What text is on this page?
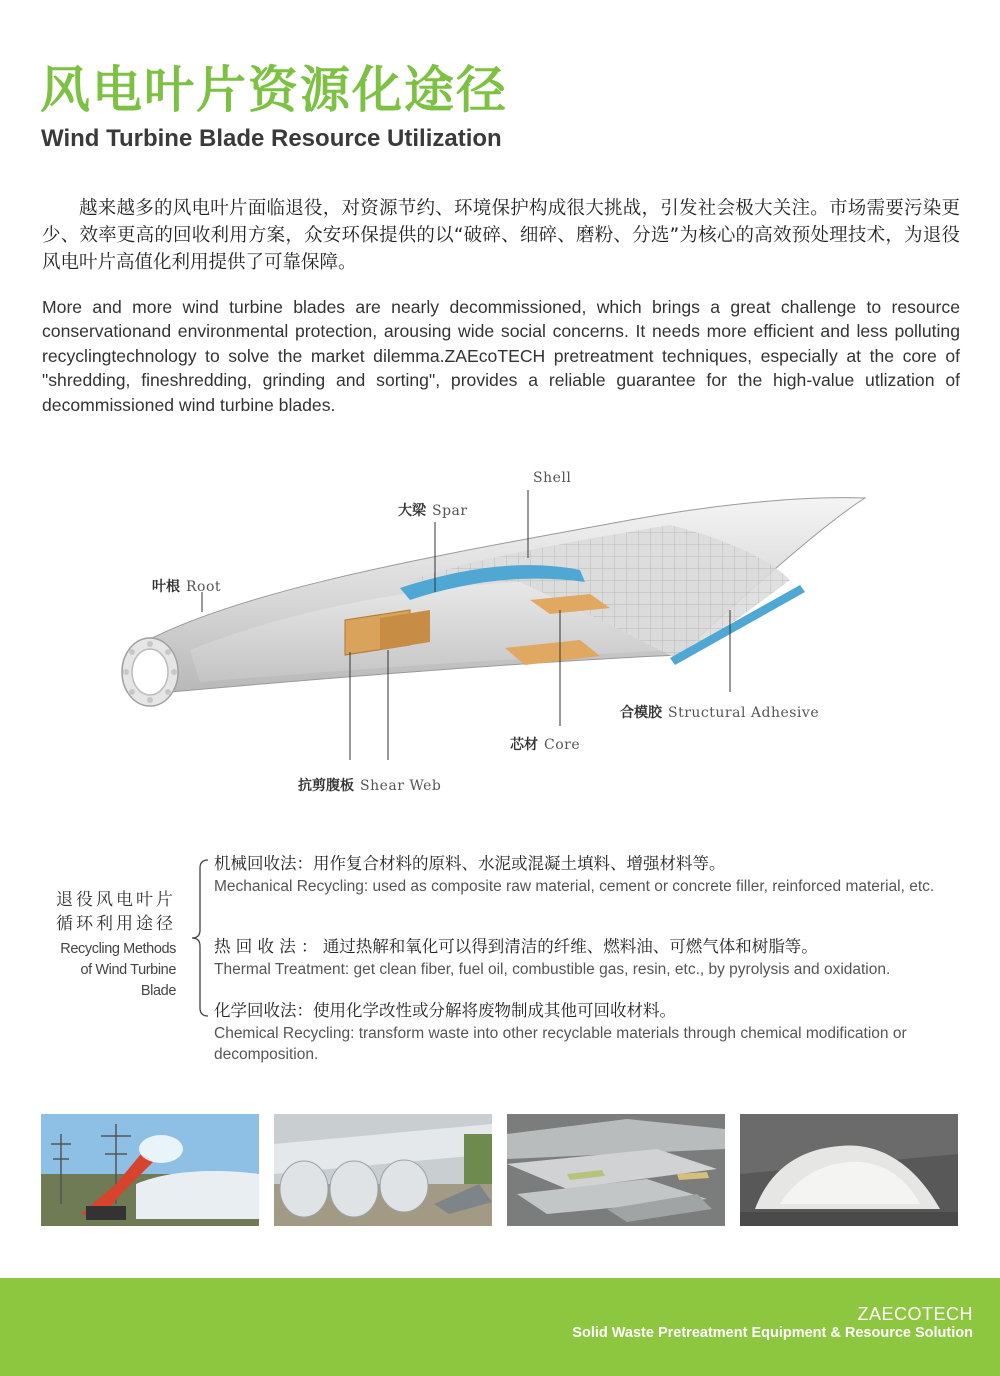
风电叶片资源化途径
Wind Turbine Blade Resource Utilization

越来越多的风电叶片面临退役，对资源节约、环境保护构成很大挑战，引发社会极大关注。市场需要污染更少、效率更高的回收利用方案，众安环保提供的以“破碎、细碎、磨粉、分选”为核心的高效预处理技术，为退役风电叶片高值化利用提供了可靠保障。

More and more wind turbine blades are nearly decommissioned, which brings a great challenge to resource conservationand environmental protection, arousing wide social concerns. It needs more efficient and less polluting recyclingtechnology to solve the market dilemma.ZAEcoTECH pretreatment techniques, especially at the core of "shredding, fineshredding, grinding and sorting", provides a reliable guarantee for the high-value utlization of decommissioned wind turbine blades.

Shell
大梁 Spar
叶根 Root
合模胶 Structural Adhesive
芯材 Core
抗剪腹板 Shear Web
退役风电叶片
循环利用途径
Recycling Methods
of Wind Turbine Blade
机械回收法：用作复合材料的原料、水泥或混凝土填料、增强材料等。
Mechanical Recycling: used as composite raw material, cement or concrete filler, reinforced material, etc.
热 回 收 法 ： 通过热解和氧化可以得到清洁的纤维、燃料油、可燃气体和树脂等。
Thermal Treatment: get clean fiber, fuel oil, combustible gas, resin, etc., by pyrolysis and oxidation.
化学回收法：使用化学改性或分解将废物制成其他可回收材料。
Chemical Recycling: transform waste into other recyclable materials through chemical modification or decomposition.
ZAECOTECH
Solid Waste Pretreatment Equipment & Resource Solution
